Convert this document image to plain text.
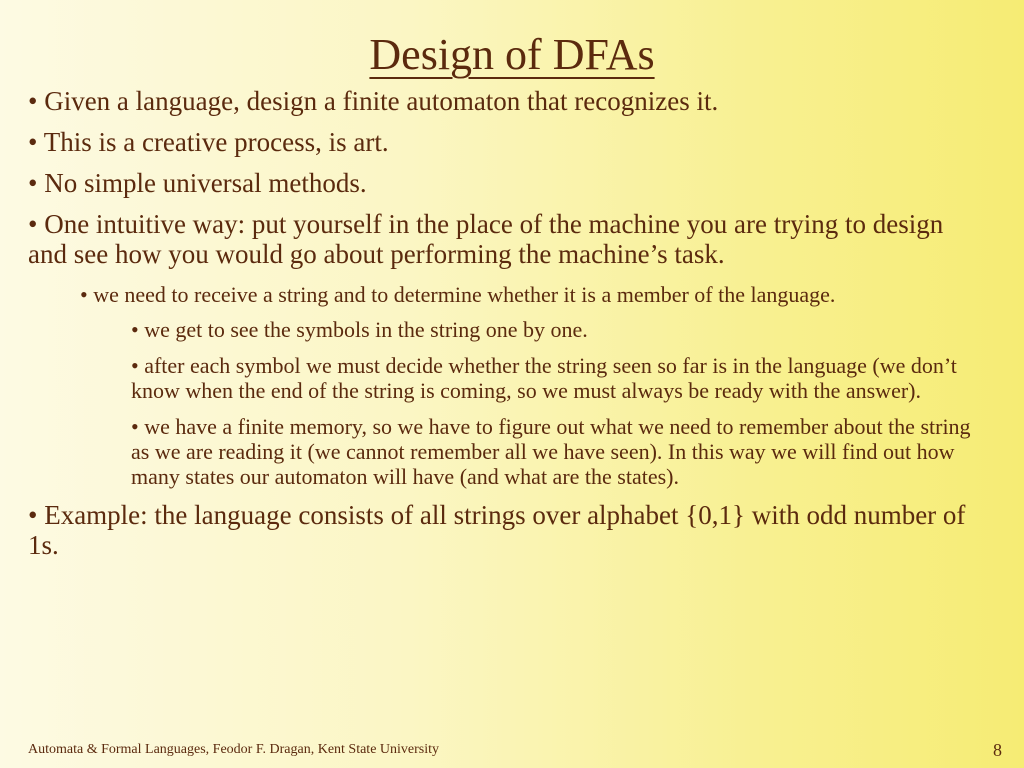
Design of DFAs

• Given a language, design a finite automaton that recognizes it.

• This is a creative process, is art.

• No simple universal methods.

• One intuitive way: put yourself in the place of the machine you are trying to design and see how you would go about performing the machine’s task.

• we need to receive a string and to determine whether it is a member of the language.

• we get to see the symbols in the string one by one.

• after each symbol we must decide whether the string seen so far is in the language (we don’t know when the end of the string is coming, so we must always be ready with the answer).

• we have a finite memory, so we have to figure out what we need to remember about the string as we are reading it (we cannot remember all we have seen). In this way we will find out how many states our automaton will have (and what are the states).

• Example: the language consists of all strings over alphabet {0,1} with odd number of 1s.

Automata & Formal Languages, Feodor F. Dragan, Kent State University	8
